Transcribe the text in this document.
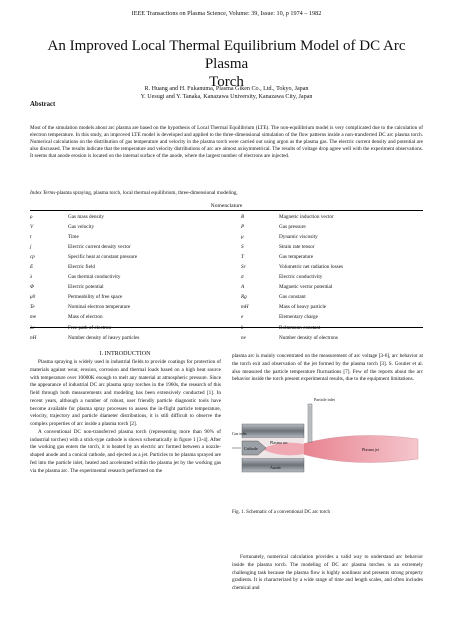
IEEE Transactions on Plasma Science, Volume: 39, Issue: 10, p 1974 – 1982
An Improved Local Thermal Equilibrium Model of DC Arc Plasma
Torch
R. Huang and H. Fukanuma, Plasma Giken Co., Ltd., Tokyo, Japan
Y. Uesugi and Y. Tanaka, Kanazawa University, Kanazawa City, Japan
Abstract
Most of the simulation models about arc plasma are based on the hypothesis of Local Thermal Equilibrium (LTE). The non-equilibrium model is very complicated due to the calculation of electron temperature. In this study, an improved LTE model is developed and applied to the three-dimensional simulation of the flow patterns inside a non-transferred DC arc plasma torch. Numerical calculations on the distribution of gas temperature and velocity in the plasma torch were carried out using argon as the plasma gas. The electric current density and potential are also discussed. The results indicate that the temperature and velocity distributions of arc are almost axisymmetrical. The results of voltage drop agree well with the experiment observations. It seems that anode erosion is located on the internal surface of the anode, where the largest number of electrons are injected.
Index Terms-plasma spraying, plasma torch, local thermal equilibrium, three-dimensional modeling,
Nomenclature
ρ	Gas mass density
V	Gas velocity
t	Time
j	Electric current density vector
cp	Specific heat at constant pressure
E	Electric field
λ	Gas thermal conductivity
Φ	Electric potential
μ0	Permeability of free space
Te	Nominal electron temperature
me	Mass of electron
λe	Free path of electron
nH	Number density of heavy particles
B	Magnetic induction vector
P	Gas pressure
μ	Dynamic viscosity
S	Strain rate tensor
T	Gas temperature
Sr	Volumetric net radiation losses
σ	Electric conductivity
A	Magnetic vector potential
Rg	Gas constant
mH	Mass of heavy particle
e	Elementary charge
k	Boltzmann constant
ne	Number density of electrons
I. INTRODUCTION

Plasma spraying is widely used in industrial fields to provide coatings for protection of materials against wear, erosion, corrosion and thermal loads based on a high heat source with temperature over 10000K enough to melt any material at atmospheric pressure. Since the appearance of industrial DC arc plasma spray torches in the 1960s, the research of this field through both measurements and modeling has been extensively conducted [1]. In recent years, although a number of robust, user friendly particle diagnostic tools have become available for plasma spray processes to assess the in-flight particle temperature, velocity, trajectory and particle diameter distributions, it is still difficult to observe the complex properties of arc inside a plasma torch [2].

A conventional DC non-transferred plasma torch (representing more than 90% of industrial torches) with a stick-type cathode is shown schematically in figure 1 [3-4]. After the working gas enters the torch, it is heated by an electric arc formed between a nozzle-shaped anode and a conical cathode, and ejected as a jet. Particles to be plasma sprayed are fed into the particle inlet, heated and accelerated within the plasma jet by the working gas via the plasma arc. The experimental research performed on the

plasma arc is mainly concentrated on the measurement of arc voltage [3-6], arc behavior at the torch exit and observation of the jet formed by the plasma torch [3]. S. Goutier et al. also measured the particle temperature fluctuations [7]. Few of the reports about the arc behavior inside the torch present experimental results, due to the equipment limitations.
Particle inlet
Gas inlet
Cathode
Plasma arc
Anode
Plasma jet
Fig. 1. Schematic of a conventional DC arc torch

Fortunately, numerical calculation provides a valid way to understand arc behavior inside the plasma torch. The modeling of DC arc plasma torches is an extremely challenging task because the plasma flow is highly nonlinear and presents strong property gradients. It is characterized by a wide range of time and length scales, and often includes chemical and
